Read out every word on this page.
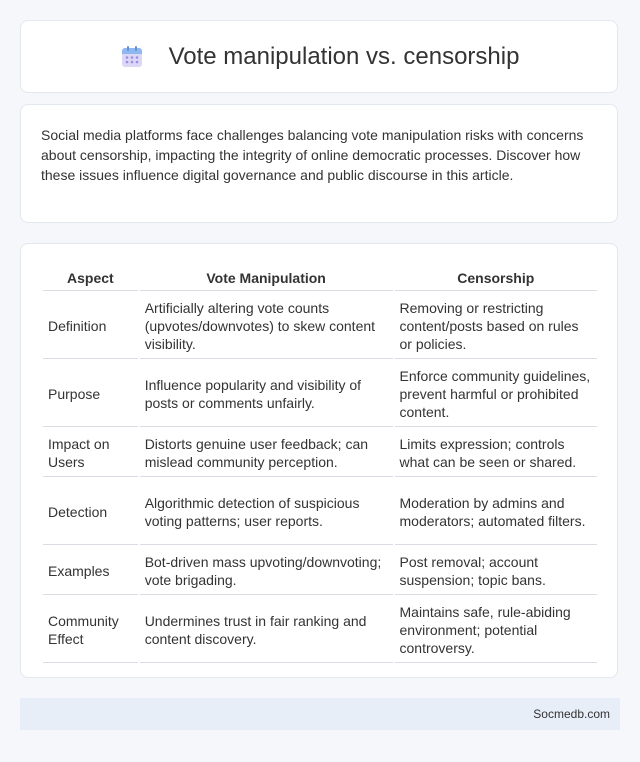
Vote manipulation vs. censorship

Social media platforms face challenges balancing vote manipulation risks with concerns about censorship, impacting the integrity of online democratic processes. Discover how these issues influence digital governance and public discourse in this article.

Aspect	Vote Manipulation	Censorship
Definition	Artificially altering vote counts (upvotes/downvotes) to skew content visibility.	Removing or restricting content/posts based on rules or policies.
Purpose	Influence popularity and visibility of posts or comments unfairly.	Enforce community guidelines, prevent harmful or prohibited content.
Impact on Users	Distorts genuine user feedback; can mislead community perception.	Limits expression; controls what can be seen or shared.
Detection	Algorithmic detection of suspicious voting patterns; user reports.	Moderation by admins and moderators; automated filters.
Examples	Bot-driven mass upvoting/downvoting; vote brigading.	Post removal; account suspension; topic bans.
Community Effect	Undermines trust in fair ranking and content discovery.	Maintains safe, rule-abiding environment; potential controversy.
Socmedb.com
